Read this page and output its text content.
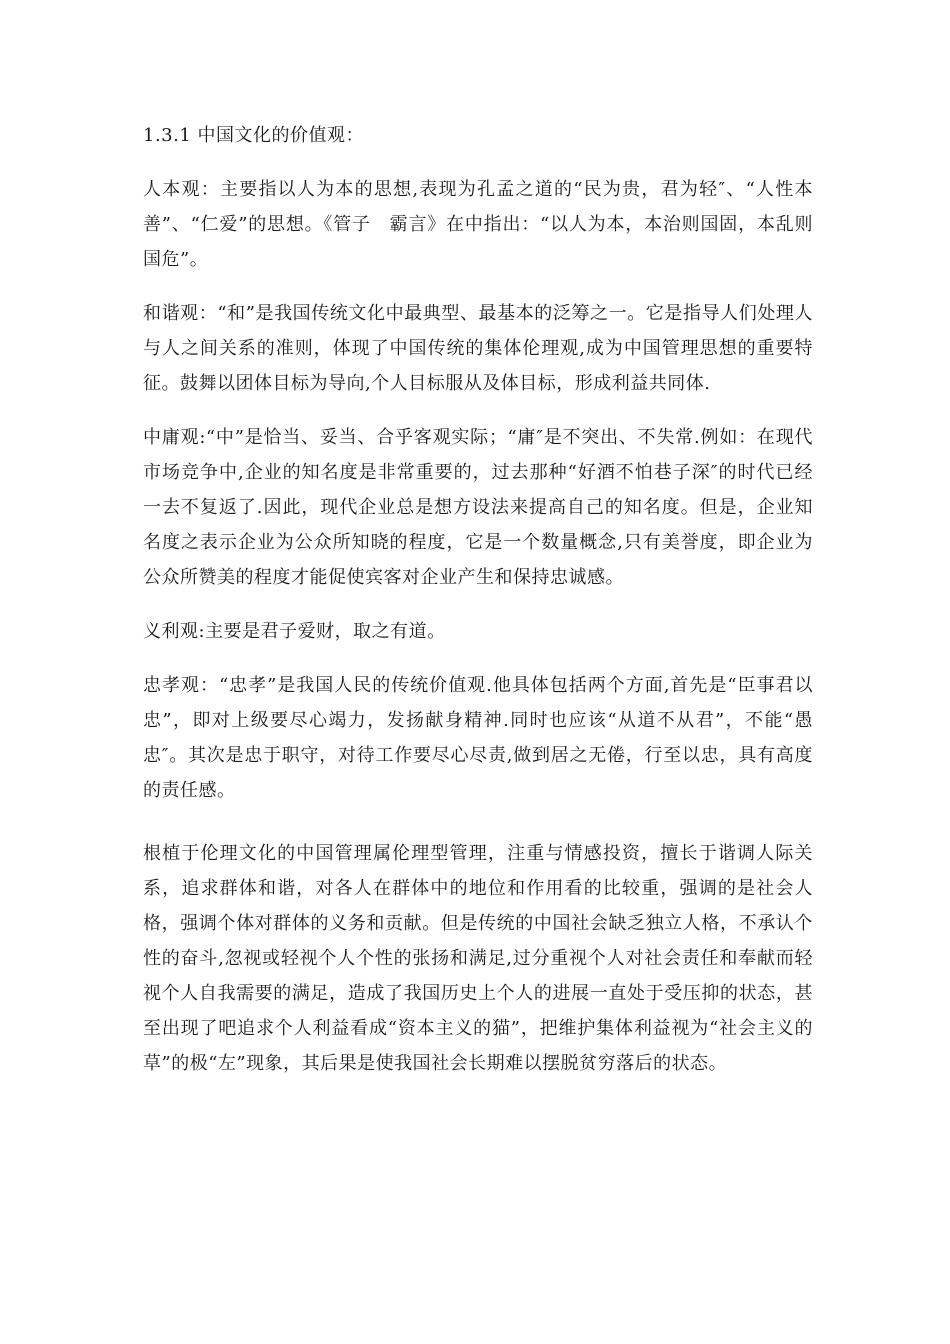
1.3.1 中国文化的价值观：

人本观：主要指以人为本的思想,表现为孔孟之道的“民为贵，君为轻″、“人性本善”、“仁爱”的思想。《管子　霸言》在中指出：“以人为本，本治则国固，本乱则国危”。

和谐观：“和”是我国传统文化中最典型、最基本的泛筹之一。它是指导人们处理人与人之间关系的准则，体现了中国传统的集体伦理观,成为中国管理思想的重要特征。鼓舞以团体目标为导向,个人目标服从及体目标，形成利益共同体.

中庸观:“中”是恰当、妥当、合乎客观实际；“庸″是不突出、不失常.例如：在现代市场竞争中,企业的知名度是非常重要的，过去那种“好酒不怕巷子深″的时代已经一去不复返了.因此，现代企业总是想方设法来提高自己的知名度。但是，企业知名度之表示企业为公众所知晓的程度，它是一个数量概念,只有美誉度，即企业为公众所赞美的程度才能促使宾客对企业产生和保持忠诚感。

义利观:主要是君子爱财，取之有道。

忠孝观：“忠孝”是我国人民的传统价值观.他具体包括两个方面,首先是“臣事君以忠”，即对上级要尽心竭力，发扬献身精神.同时也应该“从道不从君”，不能“愚忠″。其次是忠于职守，对待工作要尽心尽责,做到居之无倦，行至以忠，具有高度的责任感。

根植于伦理文化的中国管理属伦理型管理，注重与情感投资，擅长于谐调人际关系，追求群体和谐，对各人在群体中的地位和作用看的比较重，强调的是社会人格，强调个体对群体的义务和贡献。但是传统的中国社会缺乏独立人格，不承认个性的奋斗,忽视或轻视个人个性的张扬和满足,过分重视个人对社会责任和奉献而轻视个人自我需要的满足，造成了我国历史上个人的进展一直处于受压抑的状态，甚至出现了吧追求个人利益看成“资本主义的猫”，把维护集体利益视为“社会主义的草”的极“左”现象，其后果是使我国社会长期难以摆脱贫穷落后的状态。
